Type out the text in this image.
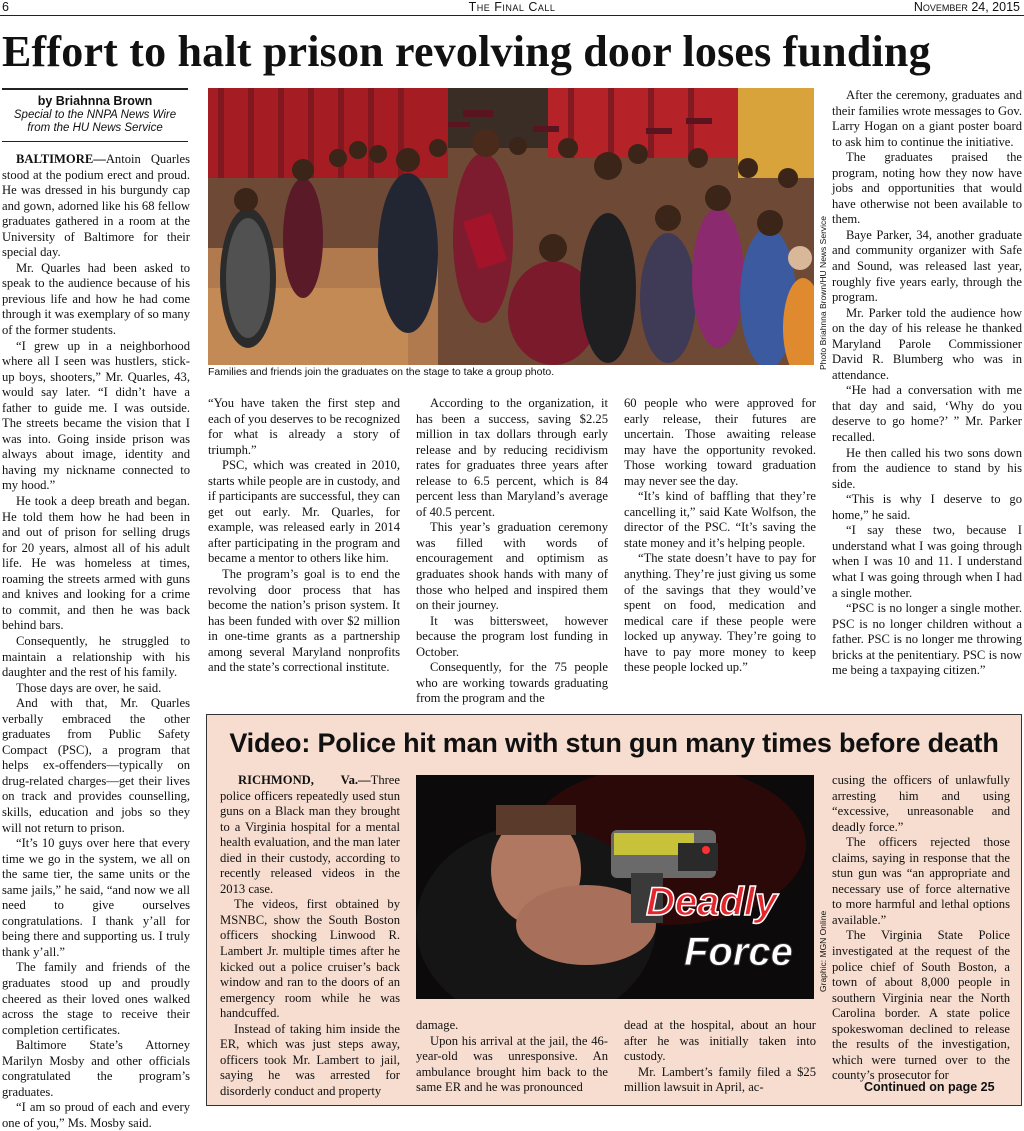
6	The Final Call	November 24, 2015
Effort to halt prison revolving door loses funding
by Briahnna Brown
Special to the NNPA News Wire
from the HU News Service

BALTIMORE—Antoin Quarles stood at the podium erect and proud. He was dressed in his burgundy cap and gown, adorned like his 68 fellow graduates gathered in a room at the University of Baltimore for their special day.

Mr. Quarles had been asked to speak to the audience because of his previous life and how he had come through it was exemplary of so many of the former students.

“I grew up in a neighborhood where all I seen was hustlers, stick-up boys, shooters,” Mr. Quarles, 43, would say later. “I didn’t have a father to guide me. I was outside. The streets became the vision that I was into. Going inside prison was always about image, identity and having my nickname connected to my hood.”

He took a deep breath and began. He told them how he had been in and out of prison for selling drugs for 20 years, almost all of his adult life. He was homeless at times, roaming the streets armed with guns and knives and looking for a crime to commit, and then he was back behind bars.

Consequently, he struggled to maintain a relationship with his daughter and the rest of his family.

Those days are over, he said.

And with that, Mr. Quarles verbally embraced the other graduates from Public Safety Compact (PSC), a program that helps ex-offenders—typically on drug-related charges—get their lives on track and provides counselling, skills, education and jobs so they will not return to prison.

“It’s 10 guys over here that every time we go in the system, we all on the same tier, the same units or the same jails,” he said, “and now we all need to give ourselves congratulations. I thank y’all for being there and supporting us. I truly thank y’all.”

The family and friends of the graduates stood up and proudly cheered as their loved ones walked across the stage to receive their completion certificates.

Baltimore State’s Attorney Marilyn Mosby and other officials congratulated the program’s graduates.

“I am so proud of each and every one of you,” Ms. Mosby said.

Photo Briahnna Brown/HU News Service
Families and friends join the graduates on the stage to take a group photo.

“You have taken the first step and each of you deserves to be recognized for what is already a story of triumph.”

PSC, which was created in 2010, starts while people are in custody, and if participants are successful, they can get out early. Mr. Quarles, for example, was released early in 2014 after participating in the program and became a mentor to others like him.

The program’s goal is to end the revolving door process that has become the nation’s prison system. It has been funded with over $2 million in one-time grants as a partnership among several Maryland nonprofits and the state’s correctional institute.

According to the organization, it has been a success, saving $2.25 million in tax dollars through early release and by reducing recidivism rates for graduates three years after release to 6.5 percent, which is 84 percent less than Maryland’s average of 40.5 percent.

This year’s graduation ceremony was filled with words of encouragement and optimism as graduates shook hands with many of those who helped and inspired them on their journey.

It was bittersweet, however because the program lost funding in October.

Consequently, for the 75 people who are working towards graduating from the program and the

60 people who were approved for early release, their futures are uncertain. Those awaiting release may have the opportunity revoked. Those working toward graduation may never see the day.

“It’s kind of baffling that they’re cancelling it,” said Kate Wolfson, the director of the PSC. “It’s saving the state money and it’s helping people.

“The state doesn’t have to pay for anything. They’re just giving us some of the savings that they would’ve spent on food, medication and medical care if these people were locked up anyway. They’re going to have to pay more money to keep these people locked up.”

After the ceremony, graduates and their families wrote messages to Gov. Larry Hogan on a giant poster board to ask him to continue the initiative.

The graduates praised the program, noting how they now have jobs and opportunities that would have otherwise not been available to them.

Baye Parker, 34, another graduate and community organizer with Safe and Sound, was released last year, roughly five years early, through the program.

Mr. Parker told the audience how on the day of his release he thanked Maryland Parole Commissioner David R. Blumberg who was in attendance.

“He had a conversation with me that day and said, ‘Why do you deserve to go home?’ ” Mr. Parker recalled.

He then called his two sons down from the audience to stand by his side.

“This is why I deserve to go home,” he said.

“I say these two, because I understand what I was going through when I was 10 and 11. I understand what I was going through when I had a single mother.

“PSC is no longer a single mother. PSC is no longer children without a father. PSC is no longer me throwing bricks at the penitentiary. PSC is now me being a taxpaying citizen.”

Video: Police hit man with stun gun many times before death
Deadly
Force	Graphic: MGN Online

RICHMOND, Va.—Three police officers repeatedly used stun guns on a Black man they brought to a Virginia hospital for a mental health evaluation, and the man later died in their custody, according to recently released videos in the 2013 case.

The videos, first obtained by MSNBC, show the South Boston officers shocking Linwood R. Lambert Jr. multiple times after he kicked out a police cruiser’s back window and ran to the doors of an emergency room while he was handcuffed.

Instead of taking him inside the ER, which was just steps away, officers took Mr. Lambert to jail, saying he was arrested for disorderly conduct and property

damage.

Upon his arrival at the jail, the 46-year-old was unresponsive. An ambulance brought him back to the same ER and he was pronounced

dead at the hospital, about an hour after he was initially taken into custody.

Mr. Lambert’s family filed a $25 million lawsuit in April, ac-

cusing the officers of unlawfully arresting him and using “excessive, unreasonable and deadly force.”

The officers rejected those claims, saying in response that the stun gun was “an appropriate and necessary use of force alternative to more harmful and lethal options available.”

The Virginia State Police investigated at the request of the police chief of South Boston, a town of about 8,000 people in southern Virginia near the North Carolina border. A state police spokeswoman declined to release the results of the investigation, which were turned over to the county’s prosecutor for

Continued on page 25
